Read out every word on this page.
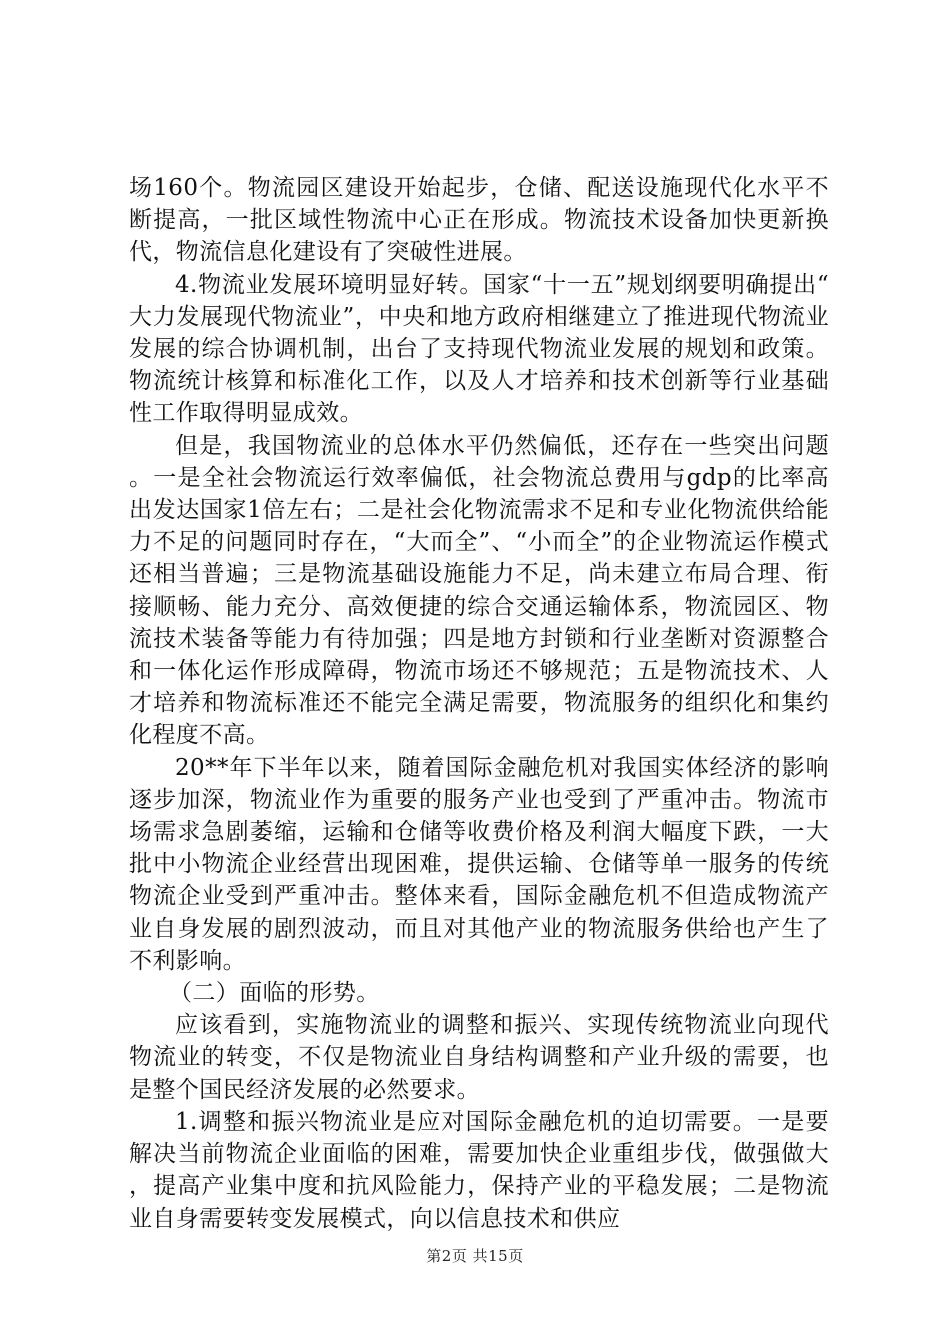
场160个。物流园区建设开始起步，仓储、配送设施现代化水平不断提高，一批区域性物流中心正在形成。物流技术设备加快更新换代，物流信息化建设有了突破性进展。

4.物流业发展环境明显好转。国家“十一五”规划纲要明确提出“大力发展现代物流业”，中央和地方政府相继建立了推进现代物流业发展的综合协调机制，出台了支持现代物流业发展的规划和政策。物流统计核算和标准化工作，以及人才培养和技术创新等行业基础性工作取得明显成效。

但是，我国物流业的总体水平仍然偏低，还存在一些突出问题。一是全社会物流运行效率偏低，社会物流总费用与gdp的比率高出发达国家1倍左右；二是社会化物流需求不足和专业化物流供给能力不足的问题同时存在，“大而全”、“小而全”的企业物流运作模式还相当普遍；三是物流基础设施能力不足，尚未建立布局合理、衔接顺畅、能力充分、高效便捷的综合交通运输体系，物流园区、物流技术装备等能力有待加强；四是地方封锁和行业垄断对资源整合和一体化运作形成障碍，物流市场还不够规范；五是物流技术、人才培养和物流标准还不能完全满足需要，物流服务的组织化和集约化程度不高。

20**年下半年以来，随着国际金融危机对我国实体经济的影响逐步加深，物流业作为重要的服务产业也受到了严重冲击。物流市场需求急剧萎缩，运输和仓储等收费价格及利润大幅度下跌，一大批中小物流企业经营出现困难，提供运输、仓储等单一服务的传统物流企业受到严重冲击。整体来看，国际金融危机不但造成物流产业自身发展的剧烈波动，而且对其他产业的物流服务供给也产生了不利影响。

（二）面临的形势。

应该看到，实施物流业的调整和振兴、实现传统物流业向现代物流业的转变，不仅是物流业自身结构调整和产业升级的需要，也是整个国民经济发展的必然要求。

1.调整和振兴物流业是应对国际金融危机的迫切需要。一是要解决当前物流企业面临的困难，需要加快企业重组步伐，做强做大，提高产业集中度和抗风险能力，保持产业的平稳发展；二是物流业自身需要转变发展模式，向以信息技术和供应

第2页 共15页
